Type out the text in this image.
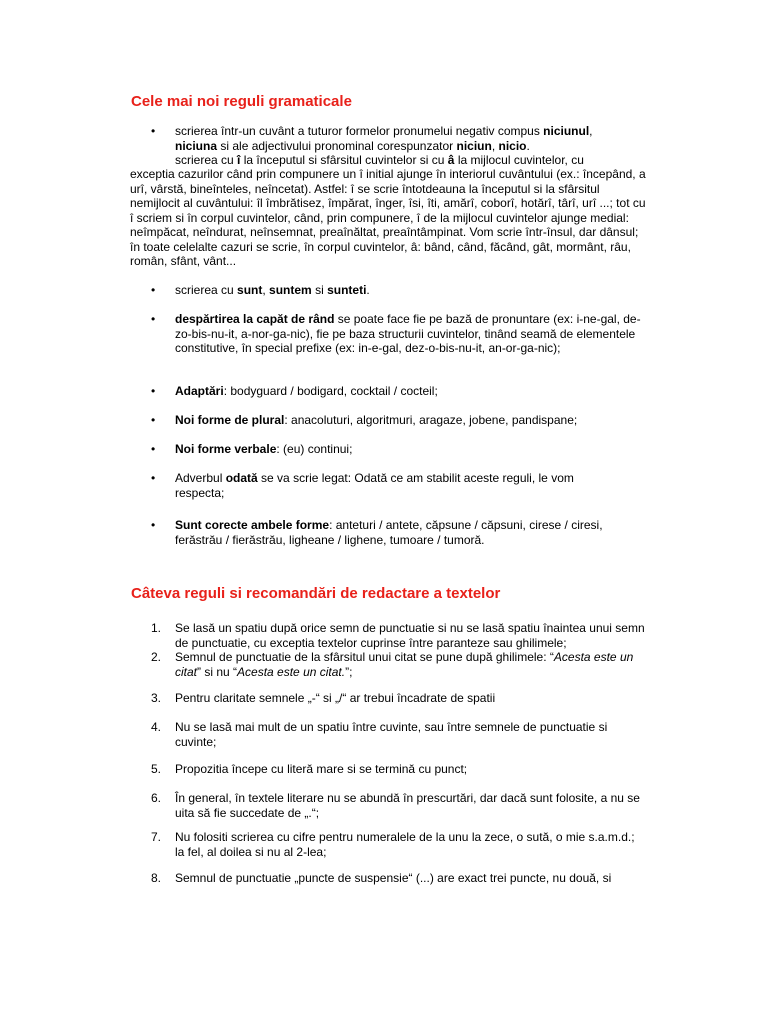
Cele mai noi reguli gramaticale
•	scrierea într-un cuvânt a tuturor formelor pronumelui negativ compus niciunul, niciuna si ale adjectivului pronominal corespunzator niciun, nicio.
scrierea cu î la începutul si sfârsitul cuvintelor si cu â la mijlocul cuvintelor, cu
exceptia cazurilor când prin compunere un î initial ajunge în interiorul cuvântului (ex.: începând, a urî, vârstă, bineînteles, neîncetat). Astfel: î se scrie întotdeauna la începutul si la sfârsitul nemijlocit al cuvântului: îl îmbrătisez, împărat, înger, îsi, îti, amărî, coborî, hotărî, târî, urî ...; tot cu î scriem si în corpul cuvintelor, când, prin compunere, î de la mijlocul cuvintelor ajunge medial: neîmpăcat, neîndurat, neînsemnat, preaînăltat, preaîntâmpinat. Vom scrie într-însul, dar dânsul; în toate celelalte cazuri se scrie, în corpul cuvintelor, â: bând, când, făcând, gât, mormânt, râu, român, sfânt, vânt...
•	scrierea cu sunt, suntem si sunteti.
•	despărtirea la capăt de rând se poate face fie pe bază de pronuntare (ex: i-ne-gal, de-zo-bis-nu-it, a-nor-ga-nic), fie pe baza structurii cuvintelor, tinând seamă de elementele constitutive, în special prefixe (ex: in-e-gal, dez-o-bis-nu-it, an-or-ga-nic);
•	Adaptări: bodyguard / bodigard, cocktail / cocteil;
•	Noi forme de plural: anacoluturi, algoritmuri, aragaze, jobene, pandispane;
•	Noi forme verbale: (eu) continui;
•	Adverbul odată se va scrie legat: Odată ce am stabilit aceste reguli, le vom respecta;
•	Sunt corecte ambele forme: anteturi / antete, căpsune / căpsuni, cirese / ciresi, ferăstrău / fierăstrău, ligheane / lighene, tumoare / tumoră.
Câteva reguli si recomandări de redactare a textelor
1.	Se lasă un spatiu după orice semn de punctuatie si nu se lasă spatiu înaintea unui semn de punctuatie, cu exceptia textelor cuprinse între paranteze sau ghilimele;
2.	Semnul de punctuatie de la sfârsitul unui citat se pune după ghilimele: “Acesta este un citat” si nu “Acesta este un citat.”;
3.	Pentru claritate semnele „-“ si „/“ ar trebui încadrate de spatii
4.	Nu se lasă mai mult de un spatiu între cuvinte, sau între semnele de punctuatie si cuvinte;
5.	Propozitia începe cu literă mare si se termină cu punct;
6.	În general, în textele literare nu se abundă în prescurtări, dar dacă sunt folosite, a nu se uita să fie succedate de „.“;
7.	Nu folositi scrierea cu cifre pentru numeralele de la unu la zece, o sută, o mie s.a.m.d.; la fel, al doilea si nu al 2-lea;
8.	Semnul de punctuatie „puncte de suspensie“ (...) are exact trei puncte, nu două, si
